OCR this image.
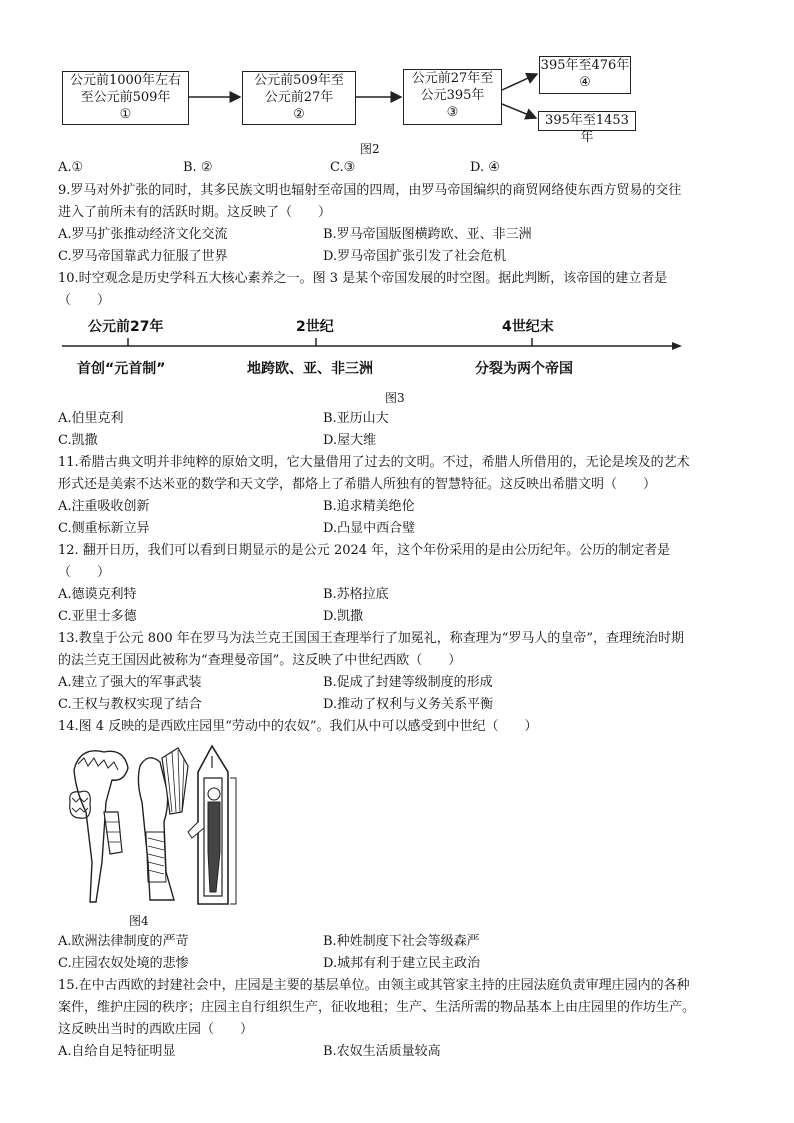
公元前1000年左右
至公元前509年
①
公元前509年至
公元前27年
②
公元前27年至
公元395年
③
395年至476年
④
395年至1453年
图2
A.①	B. ②	C.③	D. ④
9.罗马对外扩张的同时，其多民族文明也辐射至帝国的四周，由罗马帝国编织的商贸网络使东西方贸易的交往
进入了前所未有的活跃时期。这反映了（　　）
A.罗马扩张推动经济文化交流	B.罗马帝国版图横跨欧、亚、非三洲
C.罗马帝国靠武力征服了世界	D.罗马帝国扩张引发了社会危机
10.时空观念是历史学科五大核心素养之一。图 3 是某个帝国发展的时空图。据此判断，该帝国的建立者是
（　　）
公元前27年	2世纪	4世纪末
首创“元首制”	地跨欧、亚、非三洲	分裂为两个帝国
图3
A.伯里克利	B.亚历山大
C.凯撒	D.屋大维
11.希腊古典文明并非纯粹的原始文明，它大量借用了过去的文明。不过，希腊人所借用的，无论是埃及的艺术
形式还是美索不达米亚的数学和天文学，都烙上了希腊人所独有的智慧特征。这反映出希腊文明（　　）
A.注重吸收创新	B.追求精美绝伦
C.侧重标新立异	D.凸显中西合璧
12. 翻开日历，我们可以看到日期显示的是公元 2024 年，这个年份采用的是由公历纪年。公历的制定者是
（　　）
A.德谟克利特	B.苏格拉底
C.亚里士多德	D.凯撒
13.教皇于公元 800 年在罗马为法兰克王国国王查理举行了加冕礼，称查理为“罗马人的皇帝”，查理统治时期
的法兰克王国因此被称为“查理曼帝国”。这反映了中世纪西欧（　　）
A.建立了强大的军事武装	B.促成了封建等级制度的形成
C.王权与教权实现了结合	D.推动了权利与义务关系平衡
14.图 4 反映的是西欧庄园里“劳动中的农奴”。我们从中可以感受到中世纪（　　）
图4
A.欧洲法律制度的严苛	B.种姓制度下社会等级森严
C.庄园农奴处境的悲惨	D.城邦有利于建立民主政治
15.在中古西欧的封建社会中，庄园是主要的基层单位。由领主或其管家主持的庄园法庭负责审理庄园内的各种
案件，维护庄园的秩序；庄园主自行组织生产，征收地租；生产、生活所需的物品基本上由庄园里的作坊生产。
这反映出当时的西欧庄园（　　）
A.自给自足特征明显	B.农奴生活质量较高
